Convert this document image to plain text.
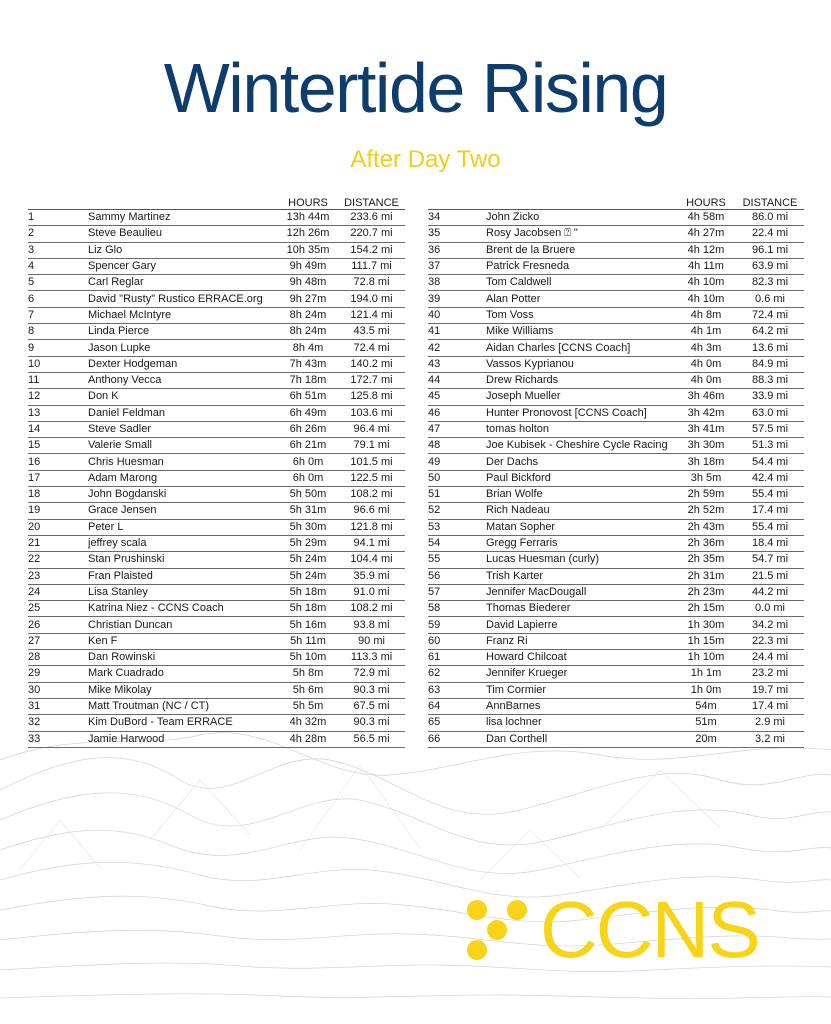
Wintertide Rising
After Day Two
		HOURS	DISTANCE
1	Sammy Martinez	13h 44m	233.6 mi
2	Steve Beaulieu	12h 26m	220.7 mi
3	Liz Glo	10h 35m	154.2 mi
4	Spencer Gary	9h 49m	111.7 mi
5	Carl Reglar	9h 48m	72.8 mi
6	David "Rusty" Rustico ERRACE.org	9h 27m	194.0 mi
7	Michael McIntyre	8h 24m	121.4 mi
8	Linda Pierce	8h 24m	43.5 mi
9	Jason Lupke	8h 4m	72.4 mi
10	Dexter Hodgeman	7h 43m	140.2 mi
11	Anthony Vecca	7h 18m	172.7 mi
12	Don K	6h 51m	125.8 mi
13	Daniel Feldman	6h 49m	103.6 mi
14	Steve Sadler	6h 26m	96.4 mi
15	Valerie Small	6h 21m	79.1 mi
16	Chris Huesman	6h 0m	101.5 mi
17	Adam Marong	6h 0m	122.5 mi
18	John Bogdanski	5h 50m	108.2 mi
19	Grace Jensen	5h 31m	96.6 mi
20	Peter L	5h 30m	121.8 mi
21	jeffrey scala	5h 29m	94.1 mi
22	Stan Prushinski	5h 24m	104.4 mi
23	Fran Plaisted	5h 24m	35.9 mi
24	Lisa Stanley	5h 18m	91.0 mi
25	Katrina Niez - CCNS Coach	5h 18m	108.2 mi
26	Christian Duncan	5h 16m	93.8 mi
27	Ken F	5h 11m	90 mi
28	Dan Rowinski	5h 10m	113.3 mi
29	Mark Cuadrado	5h 8m	72.9 mi
30	Mike Mikolay	5h 6m	90.3 mi
31	Matt Troutman (NC / CT)	5h 5m	67.5 mi
32	Kim DuBord - Team ERRACE	4h 32m	90.3 mi
33	Jamie Harwood	4h 28m	56.5 mi
		HOURS	DISTANCE
34	John Zicko	4h 58m	86.0 mi
35	Rosy Jacobsen ⍰ "	4h 27m	22.4 mi
36	Brent de la Bruere	4h 12m	96.1 mi
37	Patrick Fresneda	4h 11m	63.9 mi
38	Tom Caldwell	4h 10m	82.3 mi
39	Alan Potter	4h 10m	0.6 mi
40	Tom Voss	4h 8m	72.4 mi
41	Mike Williams	4h 1m	64.2 mi
42	Aidan Charles [CCNS Coach]	4h 3m	13.6 mi
43	Vassos Kyprianou	4h 0m	84.9 mi
44	Drew Richards	4h 0m	88.3 mi
45	Joseph Mueller	3h 46m	33.9 mi
46	Hunter Pronovost [CCNS Coach]	3h 42m	63.0 mi
47	tomas holton	3h 41m	57.5 mi
48	Joe Kubisek - Cheshire Cycle Racing	3h 30m	51.3 mi
49	Der Dachs	3h 18m	54.4 mi
50	Paul Bickford	3h 5m	42.4 mi
51	Brian Wolfe	2h 59m	55.4 mi
52	Rich Nadeau	2h 52m	17.4 mi
53	Matan Sopher	2h 43m	55.4 mi
54	Gregg Ferraris	2h 36m	18.4 mi
55	Lucas Huesman (curly)	2h 35m	54.7 mi
56	Trish Karter	2h 31m	21.5 mi
57	Jennifer MacDougall	2h 23m	44.2 mi
58	Thomas Biederer	2h 15m	0.0 mi
59	David Lapierre	1h 30m	34.2 mi
60	Franz Ri	1h 15m	22.3 mi
61	Howard Chilcoat	1h 10m	24.4 mi
62	Jennifer Krueger	1h 1m	23.2 mi
63	Tim Cormier	1h 0m	19.7 mi
64	AnnBarnes	54m	17.4 mi
65	lisa lochner	51m	2.9 mi
66	Dan Corthell	20m	3.2 mi
CCNS
